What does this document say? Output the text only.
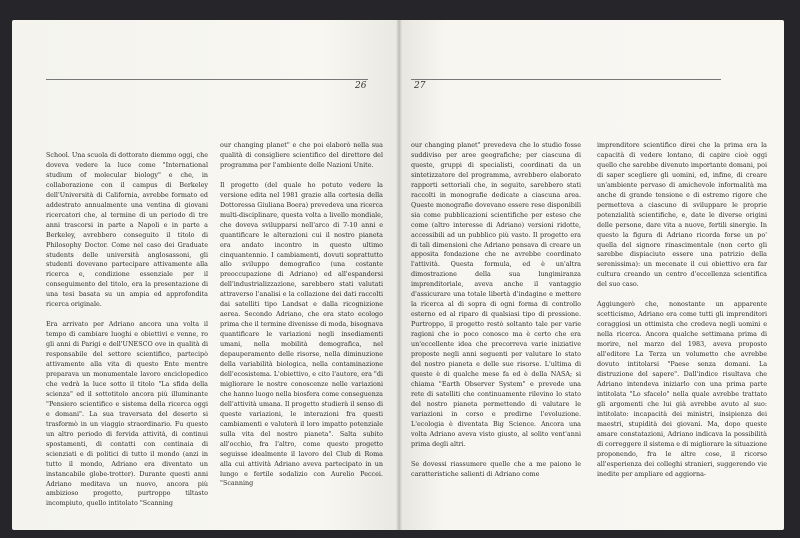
26	27

School. Una scuola di dottorato diemmo oggi, che doveva vedere la luce come "International studium of molecular biology" e che, in collaborazione con il campus di Berkeley dell'Università di California, avrebbe formato ed addestrato annualmente una ventina di giovani ricercatori che, al termine di un periodo di tre anni trascorsi in parte a Napoli e in parte a Berkeley, avrebbero conseguito il titolo di Philosophy Doctor. Come nel caso dei Graduate students delle università anglosassoni, gli studenti dovevano partecipare attivamente alla ricerca e, condizione essenziale per il conseguimento del titolo, era la presentazione di una tesi basata su un ampia ed approfondita ricerca originale.

Era arrivato per Adriano ancora una volta il tempo di cambiare luoghi e obiettivi e venne, ro gli anni di Parigi e dell'UNESCO ove in qualità di responsabile del settore scientifico, partecipò attivamente alla vita di questo Ente mentre preparava un monumentale lavoro enciclopedico che vedrà la luce sotto il titolo "La sfida della scienza" ed il sottotitolo ancora più illuminante "Pensiero scientifico e sistema della ricerca oggi e domani". La sua traversata del deserto si trasformò in un viaggio straordinario. Fu questo un altro periodo di fervida attività, di continui spostamenti, di contatti con centinaia di scienziati e di politici di tutto il mondo (anzi in tutto il mondo, Adriano era diventato un instancabile globe-trotter). Durante questi anni Adriano meditava un nuovo, ancora più ambizioso progetto, purtroppo tiltasto incompiuto, quello intitolato "Scanning

our changing planet" e che poi elaborò nella sua qualità di consigliere scientifico del direttore del programma per l'ambiente delle Nazioni Unite.

Il progetto (del quale ho potuto vedere la versione edita nel 1981 grazie alla cortesia della Dottoressa Giuliana Boera) prevedeva una ricerca multi-disciplinare, questa volta a livello mondiale, che doveva svilupparsi nell'arco di 7-10 anni e quantificare le alterazioni cui il nostro pianeta era andato incontro in questo ultimo cinquantennio. I cambiamenti, dovuti soprattutto allo sviluppo demografico (una costante preoccupazione di Adriano) ed all'espandersi dell'industrializzazione, sarebbero stati valutati attraverso l'analisi e la collazione dei dati raccolti dai satelliti tipo Landsat e dalla ricognizione aerea. Secondo Adriano, che era stato ecologo prima che il termine divenisse di moda, bisognava quantificare le variazioni negli insediamenti umani, nella mobilità demografica, nel depauperamento delle risorse, nella diminuzione della variabilità biologica, nella contaminazione dell'ecosistema. L'obiettivo, e cito l'autore, era "di migliorare le nostre conoscenze nelle variazioni che hanno luogo nella biosfera come conseguenza dell'attività umana. Il progetto studierà il senso di queste variazioni, le interazioni fra questi cambiamenti e valuterà il loro impatto potenziale sulla vita del nostro pianeta". Salta subito all'occhio, fra l'altro, come questo progetto seguisse idealmente il lavoro del Club di Roma alla cui attività Adriano aveva partecipato in un lungo e fertile sodalizio con Aurelio Peccei. "Scanning

our changing planet" prevedeva che lo studio fosse suddiviso per aree geografiche; per ciascuna di queste, gruppi di specialisti, coordinati da un sintetizzatore del programma, avrebbero elaborato rapporti settoriali che, in seguito, sarebbero stati raccolti in monografie dedicate a ciascuna area. Queste monografie dovevano essere rese disponibili sia come pubblicazioni scientifiche per esteso che come (altro interesse di Adriano) versioni ridotte, accessibili ad un pubblico più vasto. Il progetto era di tali dimensioni che Adriano pensava di creare un apposita fondazione che ne avrebbe coordinato l'attività. Questa formula, ed è un'altra dimostrazione della sua lungimiranza imprenditoriale, aveva anche il vantaggio d'assicurare una totale libertà d'indagine e mettere la ricerca al di sopra di ogni forma di controllo esterno ed al riparo di qualsiasi tipo di pressione. Purtroppo, il progetto restò soltanto tale per varie ragioni che io poco conosco ma è certo che era un'eccellente idea che precorreva varie iniziative proposte negli anni seguenti per valutare lo stato del nostro pianeta e delle sue risorse. L'ultima di queste è di qualche mese fa ed è della NASA; si chiama "Earth Observer System" e prevede una rete di satelliti che continuamente rilevino lo stato del nostro pianeta permettendo di valutare le variazioni in corso e predirne l'evoluzione. L'ecologia è diventata Big Science. Ancora una volta Adriano aveva visto giusto, al solito vent'anni prima degli altri.

Se dovessi riassumere quelle che a me paiono le caratteristiche salienti di Adriano come

imprenditore scientifico direi che la prima era la capacità di vedere lontano, di capire cioè oggi quello che sarebbe divenuto importante domani, poi di saper scegliere gli uomini, ed, infine, di creare un'ambiente pervaso di amichevole informalità ma anche di grande tensione e di estremo rigore che permetteva a ciascuno di sviluppare le proprie potenzialità scientifiche, e, date le diverse origini delle persone, dare vita a nuove, fertili sinergie. In questo la figura di Adriano ricorda forse un po' quella del signore rinascimentale (non certo gli sarebbe dispiaciuto essere una patrizio della serenissima): un mecenate il cui obiettivo era far cultura creando un centro d'eccellenza scientifica del suo caso.

Aggiungerò che, nonostante un apparente scetticismo, Adriano era come tutti gli imprenditori coraggiosi un ottimista che credeva negli uomini e nella ricerca. Ancora qualche settimana prima di morire, nel marzo del 1983, aveva proposto all'editore La Terza un volumetto che avrebbe dovuto intitolarsi "Paese senza domani. La distruzione del sapere". Dall'indice risultava che Adriano intendeva iniziarlo con una prima parte intitolata "Lo sfacelo" nella quale avrebbe trattato gli argomenti che lui già avrebbe avuto al suo: intitolato: incapacità dei ministri, insipienza dei maestri, stupidità dei giovani. Ma, dopo queste amare constatazioni, Adriano indicava la possibilità di correggere il sistema e di migliorare la situazione proponendo, fra le altre cose, il ricorso all'esperienza dei colleghi stranieri, suggerendo vie inedite per ampliare ed aggiorna-
